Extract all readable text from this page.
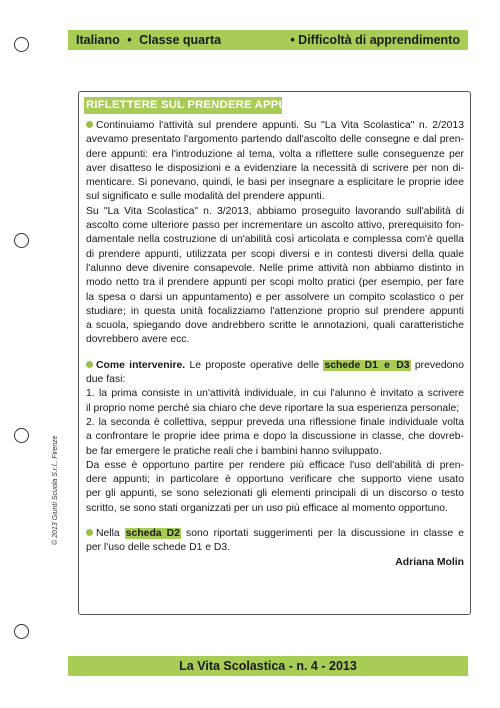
Italiano • Classe quarta	• Difficoltà di apprendimento
RIFLETTERE SUL PRENDERE APPUNTI
Continuiamo l'attività sul prendere appunti. Su "La Vita Scolastica" n. 2/2013
avevamo presentato l'argomento partendo dall'ascolto delle consegne e dal pren-
dere appunti: era l'introduzione al tema, volta a riflettere sulle conseguenze per
aver disatteso le disposizioni e a evidenziare la necessità di scrivere per non di-
menticare. Si ponevano, quindi, le basi per insegnare a esplicitare le proprie idee
sul significato e sulle modalità del prendere appunti.
Su "La Vita Scolastica" n. 3/2013, abbiamo proseguito lavorando sull'abilità di
ascolto come ulteriore passo per incrementare un ascolto attivo, prerequisito fon-
damentale nella costruzione di un'abilità così articolata e complessa com'è quella
di prendere appunti, utilizzata per scopi diversi e in contesti diversi della quale
l'alunno deve divenire consapevole. Nelle prime attività non abbiamo distinto in
modo netto tra il prendere appunti per scopi molto pratici (per esempio, per fare
la spesa o darsi un appuntamento) e per assolvere un compito scolastico o per
studiare; in questa unità focalizziamo l'attenzione proprio sul prendere appunti
a scuola, spiegando dove andrebbero scritte le annotazioni, quali caratteristiche
dovrebbero avere ecc.
Come intervenire. Le proposte operative delle schede D1 e D3 prevedono
due fasi:
1. la prima consiste in un'attività individuale, in cui l'alunno è invitato a scrivere
il proprio nome perché sia chiaro che deve riportare la sua esperienza personale;
2. la seconda è collettiva, seppur preveda una riflessione finale individuale volta
a confrontare le proprie idee prima e dopo la discussione in classe, che dovreb-
be far emergere le pratiche reali che i bambini hanno sviluppato.
Da esse è opportuno partire per rendere più efficace l'uso dell'abilità di pren-
dere appunti; in particolare è opportuno verificare che supporto viene usato
per gli appunti, se sono selezionati gli elementi principali di un discorso o testo
scritto, se sono stati organizzati per un uso più efficace al momento opportuno.
Nella scheda D2 sono riportati suggerimenti per la discussione in classe e
per l'uso delle schede D1 e D3.
Adriana Molin
© 2013 Giunti Scuola S.r.l., Firenze
La Vita Scolastica - n. 4 - 2013
